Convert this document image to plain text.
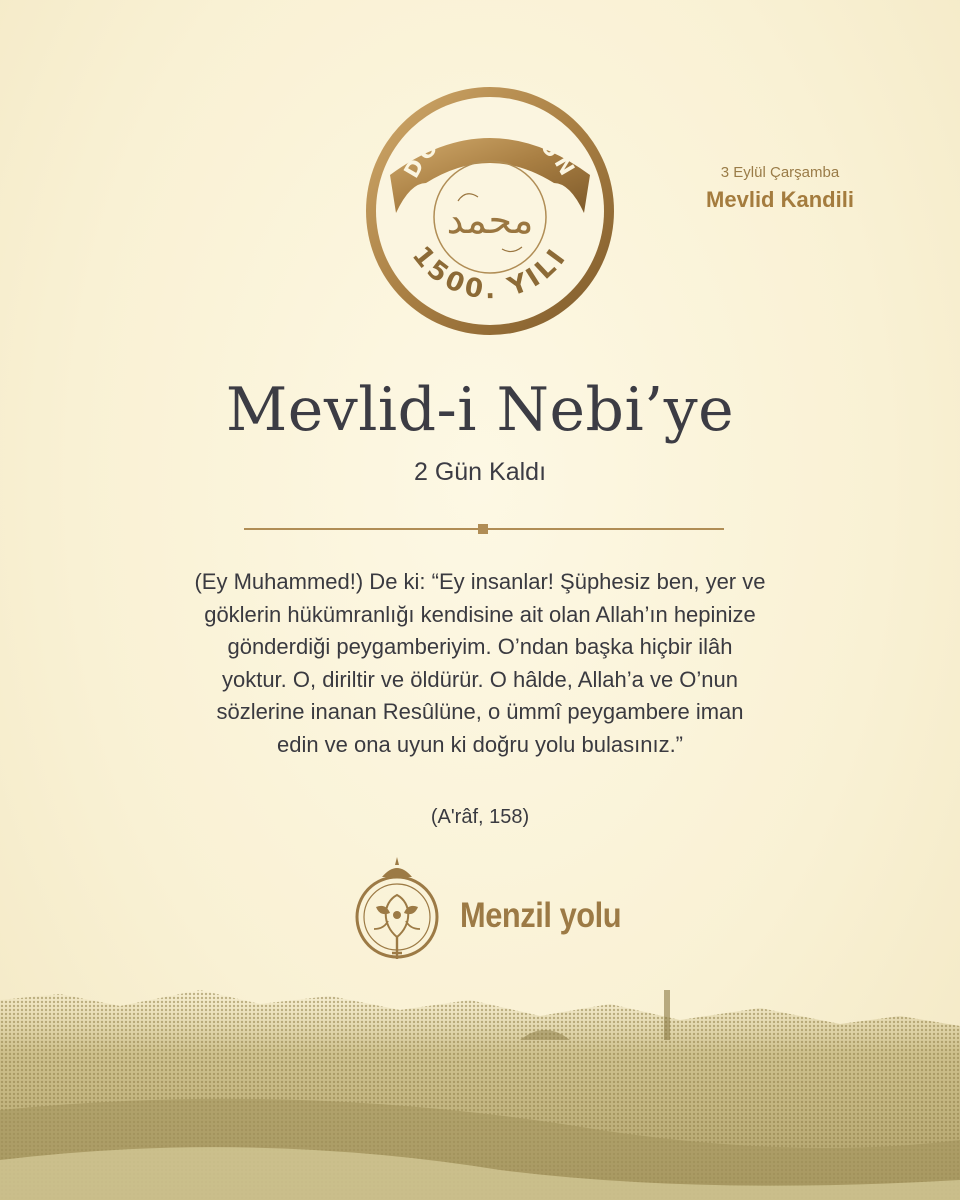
DOĞUMUNUN
1500. YILI
محمد
3 Eylül Çarşamba
Mevlid Kandili
Mevlid-i Nebi’ye
2 Gün Kaldı
(Ey Muhammed!) De ki: “Ey insanlar! Şüphesiz ben, yer ve
göklerin hükümranlığı kendisine ait olan Allah’ın hepinize
gönderdiği peygamberiyim. O’ndan başka hiçbir ilâh
yoktur. O, diriltir ve öldürür. O hâlde, Allah’a ve O’nun
sözlerine inanan Resûlüne, o ümmî peygambere iman
edin ve ona uyun ki doğru yolu bulasınız.”
(A'râf, 158)
Menzil yolu
